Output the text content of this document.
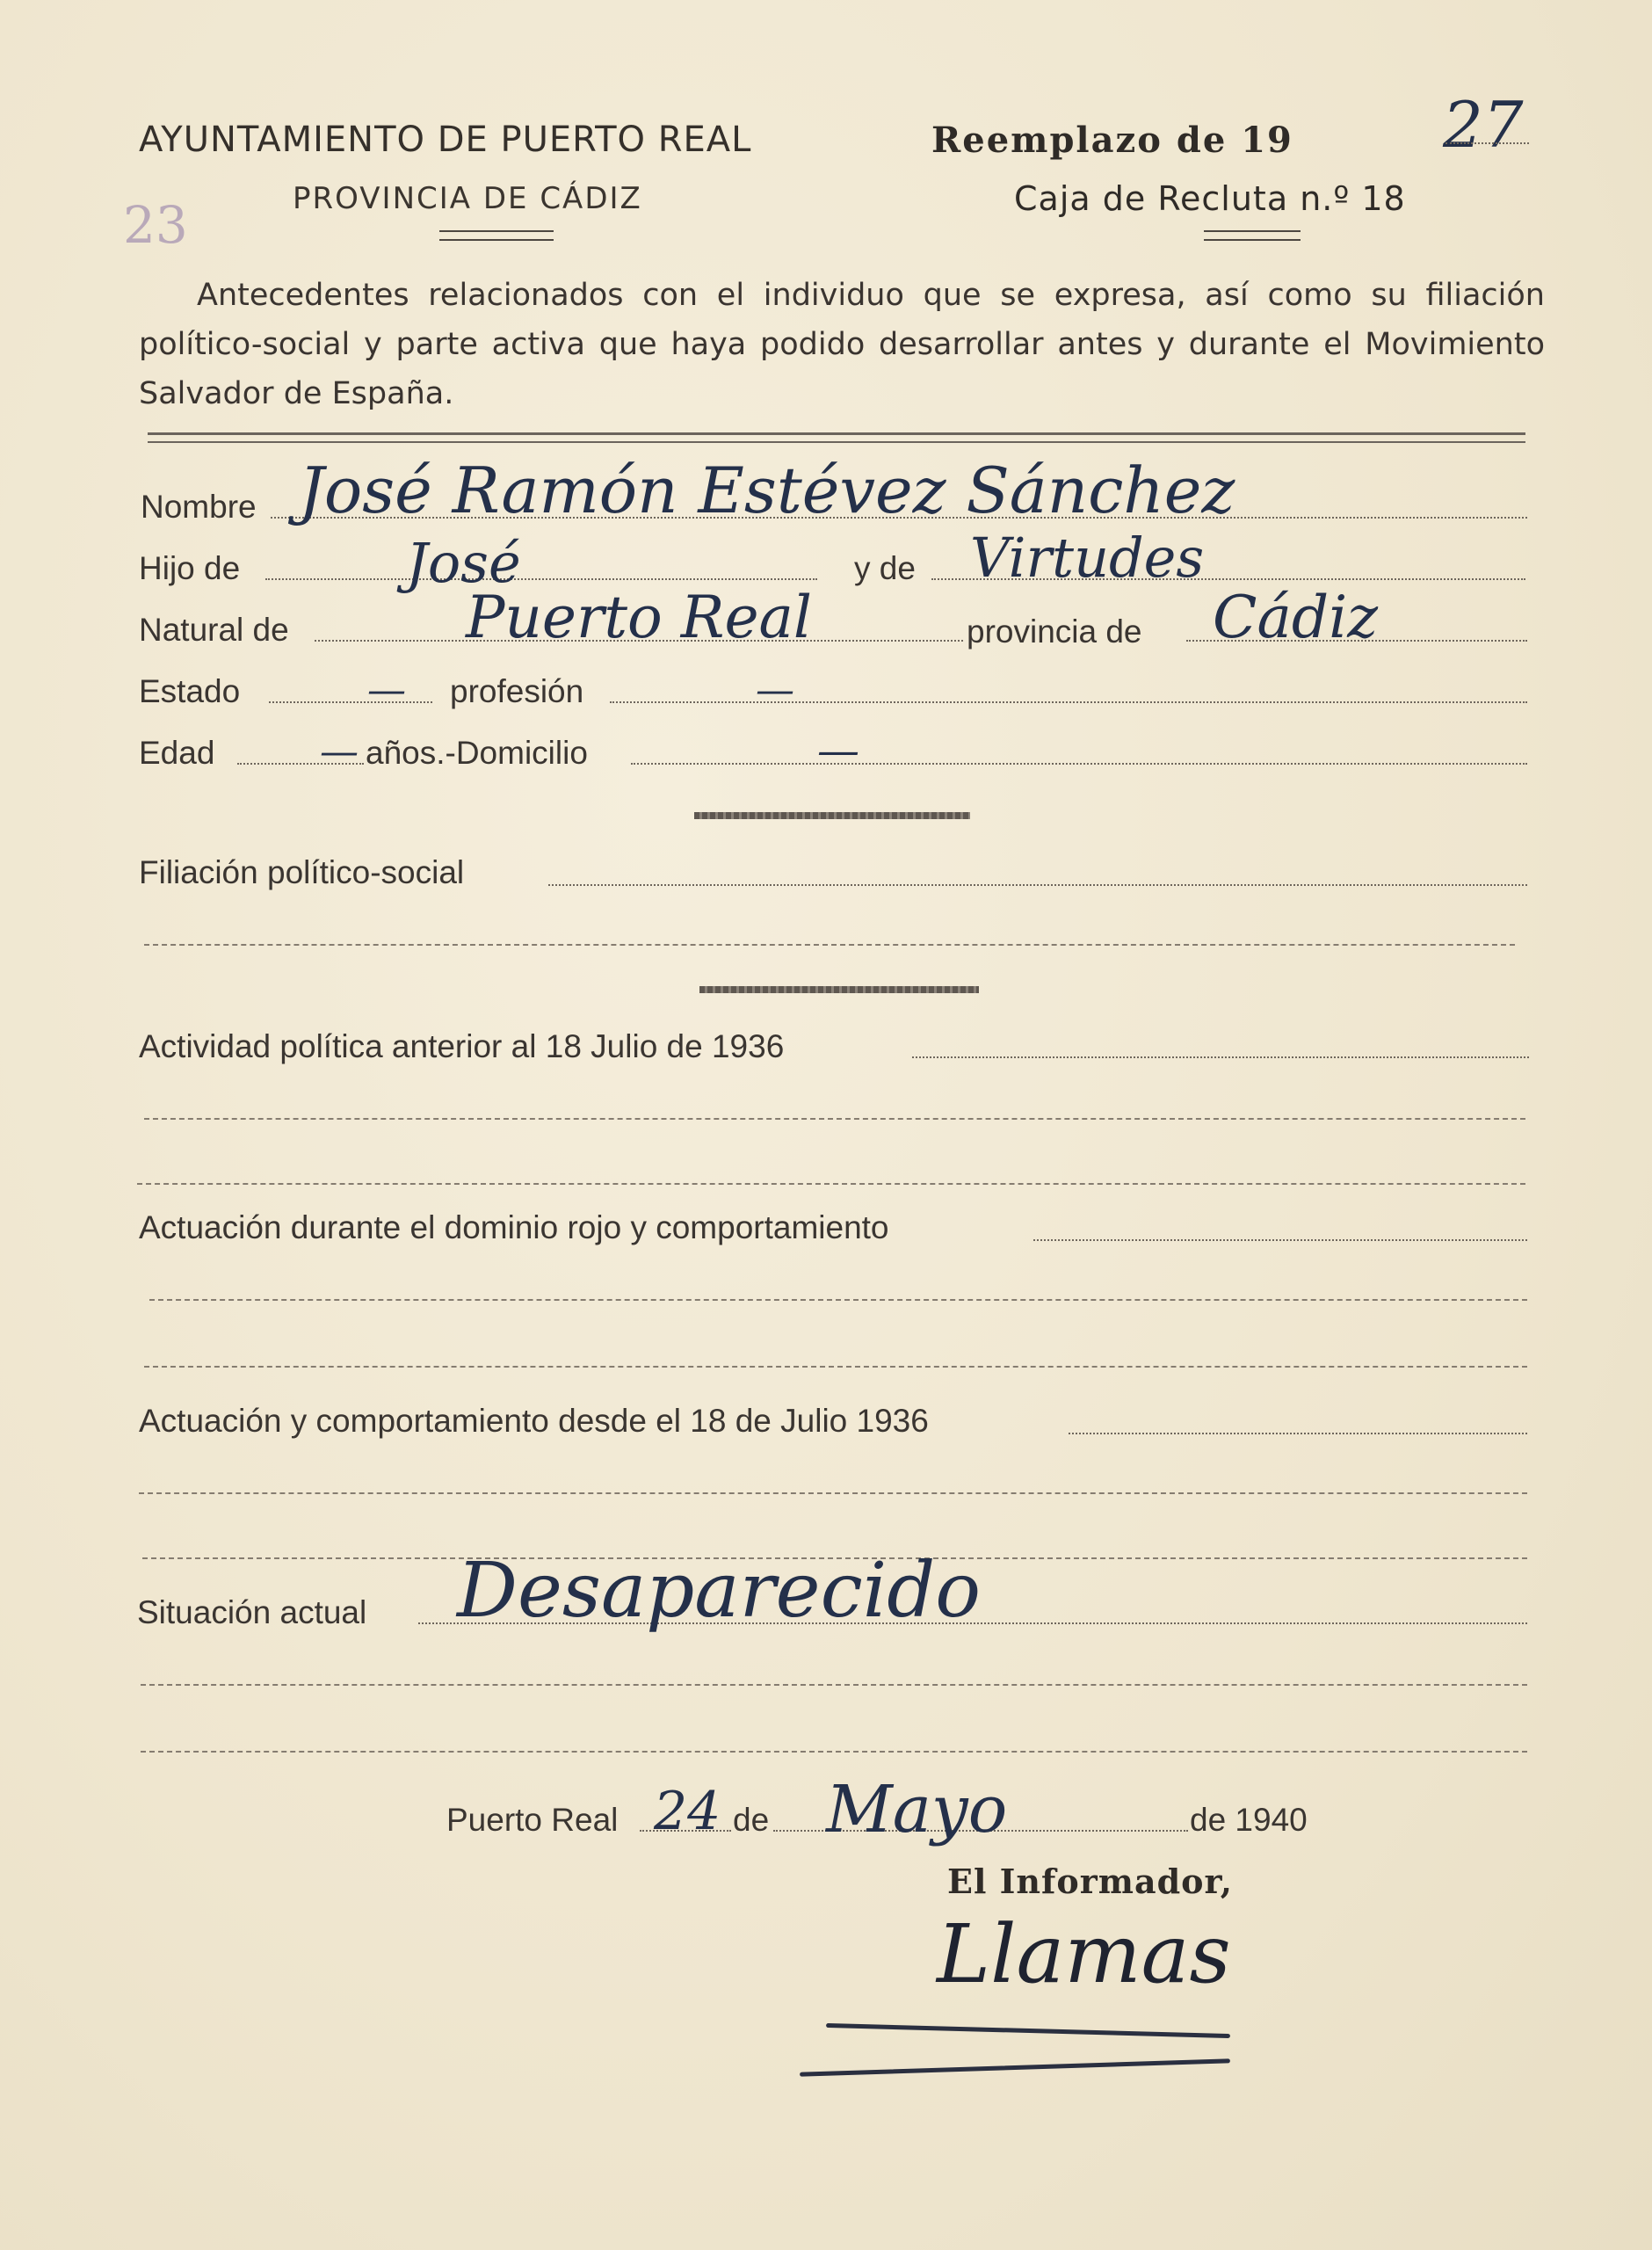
AYUNTAMIENTO DE PUERTO REAL
PROVINCIA DE CÁDIZ
Reemplazo de 19 27
Caja de Recluta n.º 18
23
Antecedentes relacionados con el individuo que se expresa, así como su filiación político-social y parte activa que haya podido desarrollar antes y durante el Movimiento Salvador de España.
Nombre José Ramón Estévez Sánchez
Hijo de	José	y de Virtudes
Natural de	Puerto Real	provincia de Cádiz
Estado	— profesión	—
Edad	— años.-Domicilio	—
Filiación político-social
Actividad política anterior al 18 Julio de 1936
Actuación durante el dominio rojo y comportamiento
Actuación y comportamiento desde el 18 de Julio 1936
Situación actual Desaparecido
Puerto Real 24 de Mayo	de 1940
El Informador,
Llamas
